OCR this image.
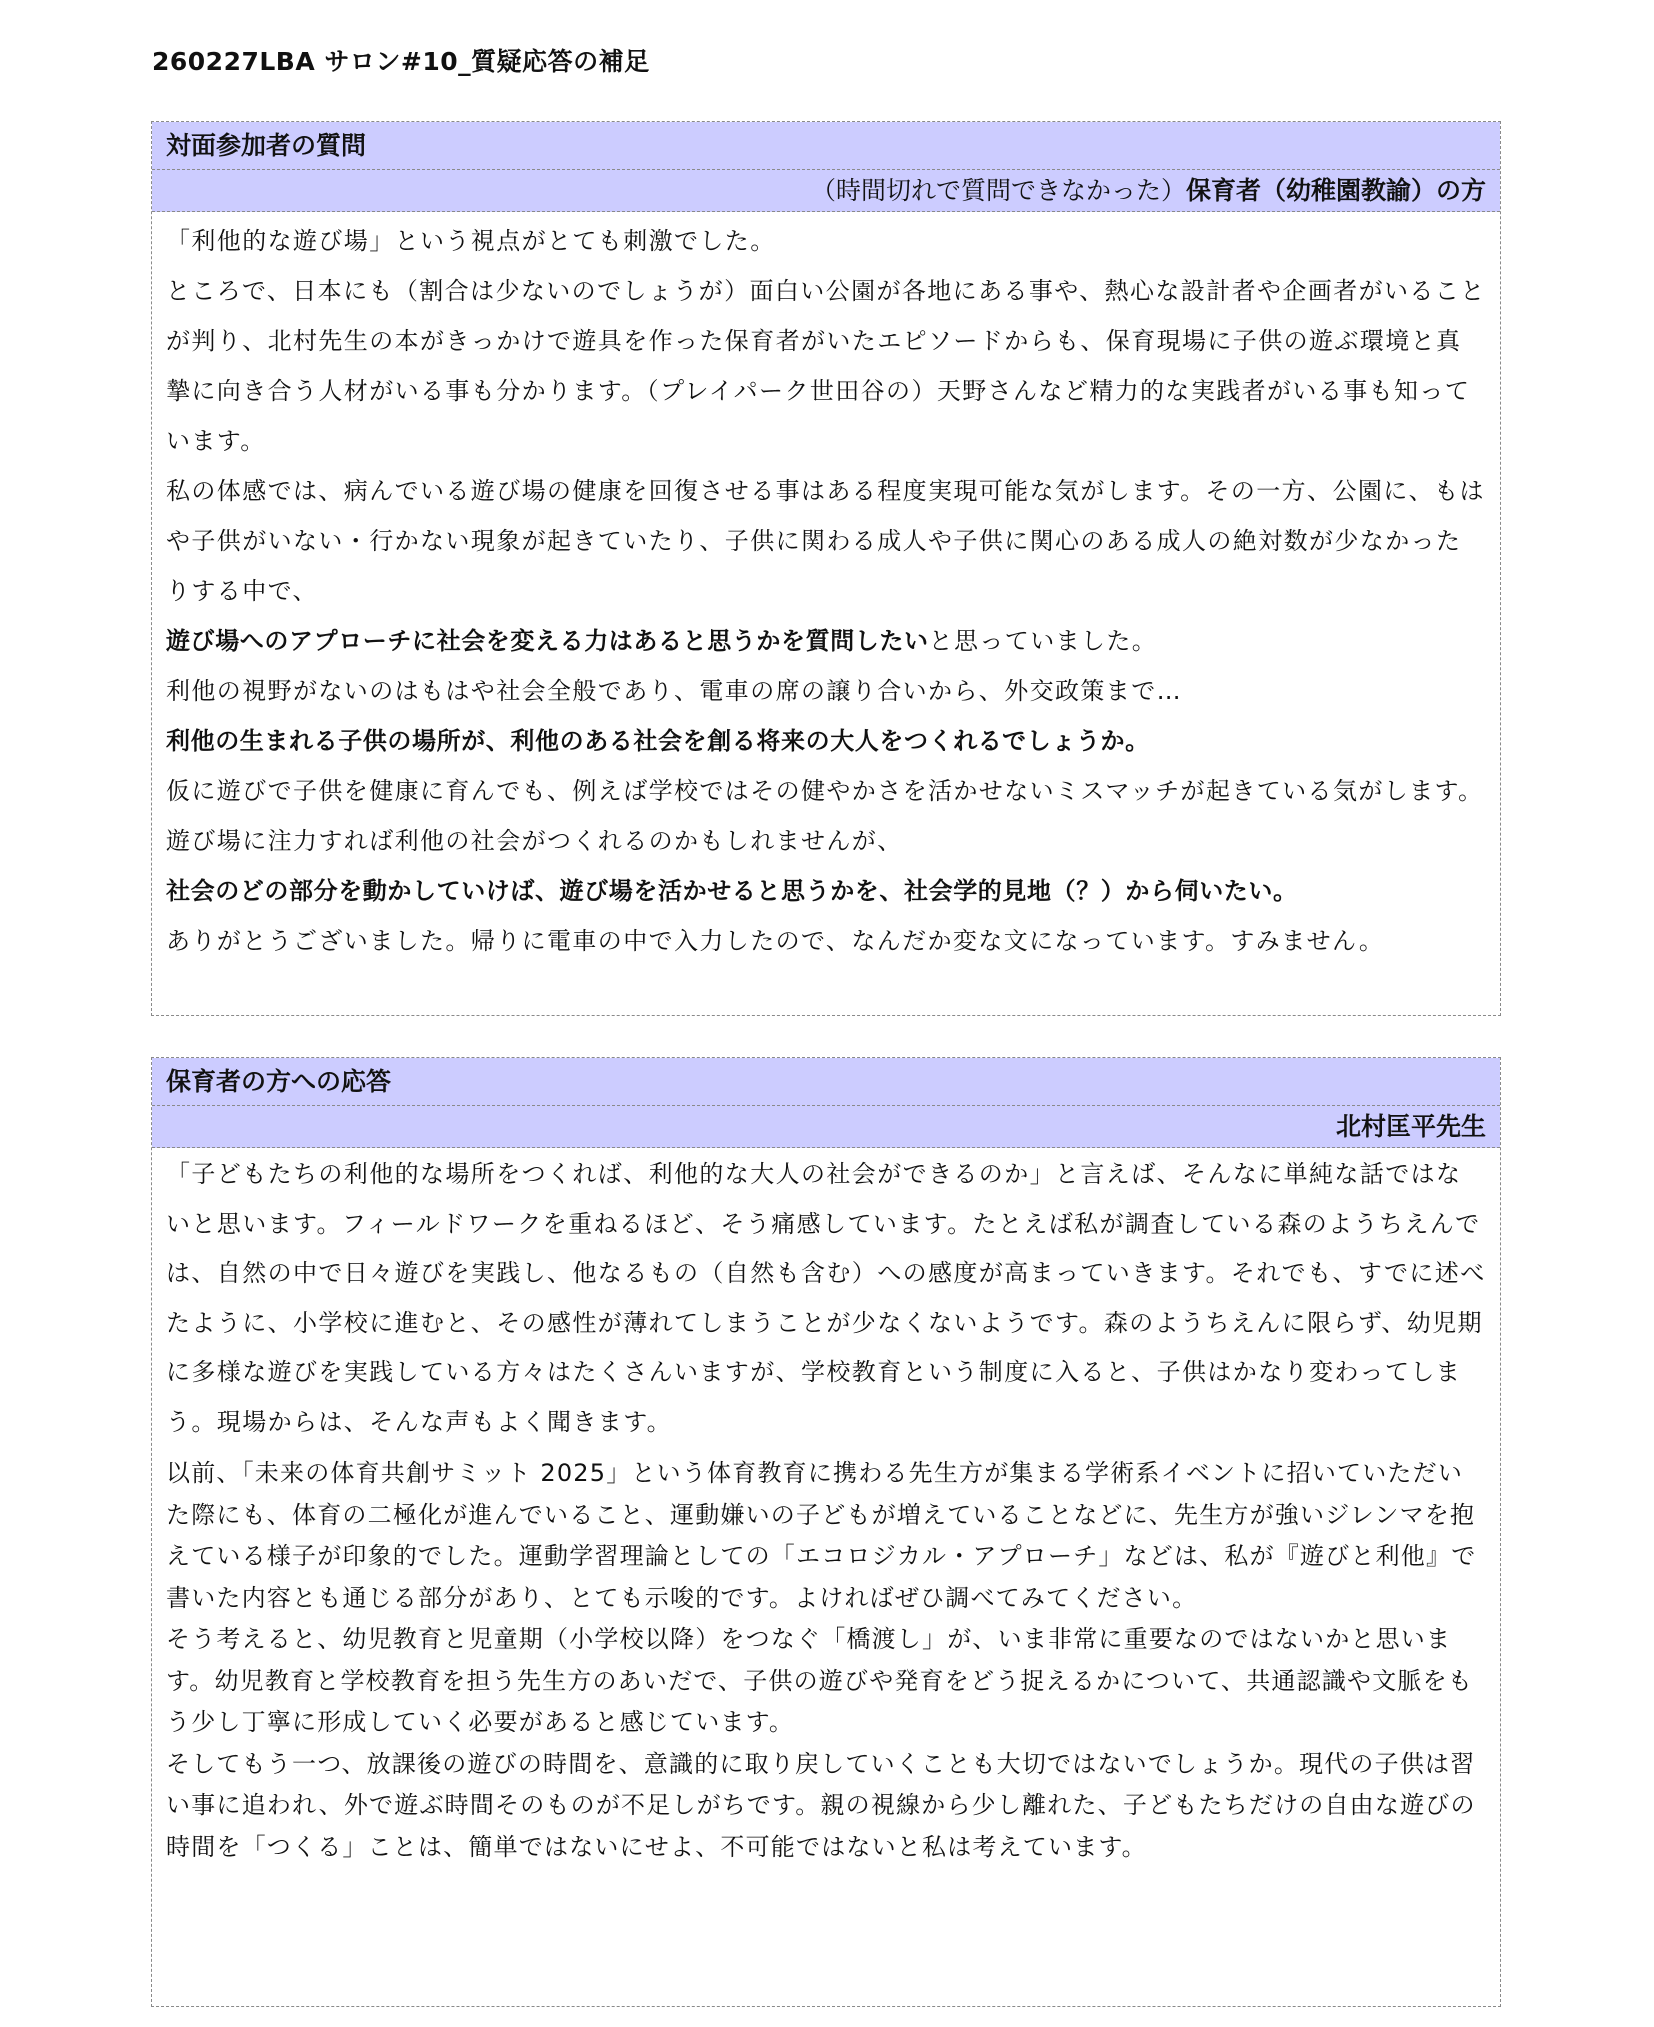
260227LBA サロン#10_質疑応答の補足
対面参加者の質問
（時間切れで質問できなかった）保育者（幼稚園教諭）の方

「利他的な遊び場」という視点がとても刺激でした。

ところで、日本にも（割合は少ないのでしょうが）面白い公園が各地にある事や、熱心な設計者や企画者がいることが判り、北村先生の本がきっかけで遊具を作った保育者がいたエピソードからも、保育現場に子供の遊ぶ環境と真摯に向き合う人材がいる事も分かります。（プレイパーク世田谷の）天野さんなど精力的な実践者がいる事も知っています。

私の体感では、病んでいる遊び場の健康を回復させる事はある程度実現可能な気がします。その一方、公園に、もはや子供がいない・行かない現象が起きていたり、子供に関わる成人や子供に関心のある成人の絶対数が少なかったりする中で、

遊び場へのアプローチに社会を変える力はあると思うかを質問したいと思っていました。

利他の視野がないのはもはや社会全般であり、電車の席の譲り合いから、外交政策まで…

利他の生まれる子供の場所が、利他のある社会を創る将来の大人をつくれるでしょうか。

仮に遊びで子供を健康に育んでも、例えば学校ではその健やかさを活かせないミスマッチが起きている気がします。遊び場に注力すれば利他の社会がつくれるのかもしれませんが、

社会のどの部分を動かしていけば、遊び場を活かせると思うかを、社会学的見地（？）から伺いたい。

ありがとうございました。帰りに電車の中で入力したので、なんだか変な文になっています。すみません。

保育者の方への応答
北村匡平先生

「子どもたちの利他的な場所をつくれば、利他的な大人の社会ができるのか」と言えば、そんなに単純な話ではないと思います。フィールドワークを重ねるほど、そう痛感しています。たとえば私が調査している森のようちえんでは、自然の中で日々遊びを実践し、他なるもの（自然も含む）への感度が高まっていきます。それでも、すでに述べたように、小学校に進むと、その感性が薄れてしまうことが少なくないようです。森のようちえんに限らず、幼児期に多様な遊びを実践している方々はたくさんいますが、学校教育という制度に入ると、子供はかなり変わってしまう。現場からは、そんな声もよく聞きます。

以前、「未来の体育共創サミット 2025」という体育教育に携わる先生方が集まる学術系イベントに招いていただいた際にも、体育の二極化が進んでいること、運動嫌いの子どもが増えていることなどに、先生方が強いジレンマを抱えている様子が印象的でした。運動学習理論としての「エコロジカル・アプローチ」などは、私が『遊びと利他』で書いた内容とも通じる部分があり、とても示唆的です。よければぜひ調べてみてください。

そう考えると、幼児教育と児童期（小学校以降）をつなぐ「橋渡し」が、いま非常に重要なのではないかと思います。幼児教育と学校教育を担う先生方のあいだで、子供の遊びや発育をどう捉えるかについて、共通認識や文脈をもう少し丁寧に形成していく必要があると感じています。

そしてもう一つ、放課後の遊びの時間を、意識的に取り戻していくことも大切ではないでしょうか。現代の子供は習い事に追われ、外で遊ぶ時間そのものが不足しがちです。親の視線から少し離れた、子どもたちだけの自由な遊びの時間を「つくる」ことは、簡単ではないにせよ、不可能ではないと私は考えています。
